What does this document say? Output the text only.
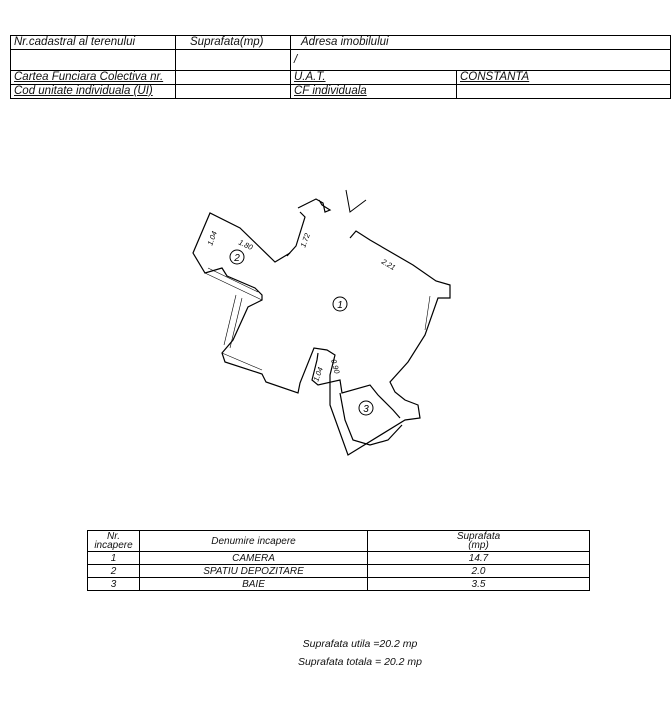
Nr.cadastral al terenului	Suprafata(mp)	Adresa imobilului	
		/	
Cartea Funciara Colectiva nr.		U.A.T.	CONSTANTA
Cod unitate individuala (UI)		CF individuala	
2
1
3
1.04 1.80	1.72
2.21
1.04 0.90
Nr.
incapere	Denumire incapere	Suprafata
(mp)

1	CAMERA	14.7
2	SPATIU DEPOZITARE	2.0
3	BAIE	3.5
Suprafata utila =20.2 mp
Suprafata totala = 20.2 mp
